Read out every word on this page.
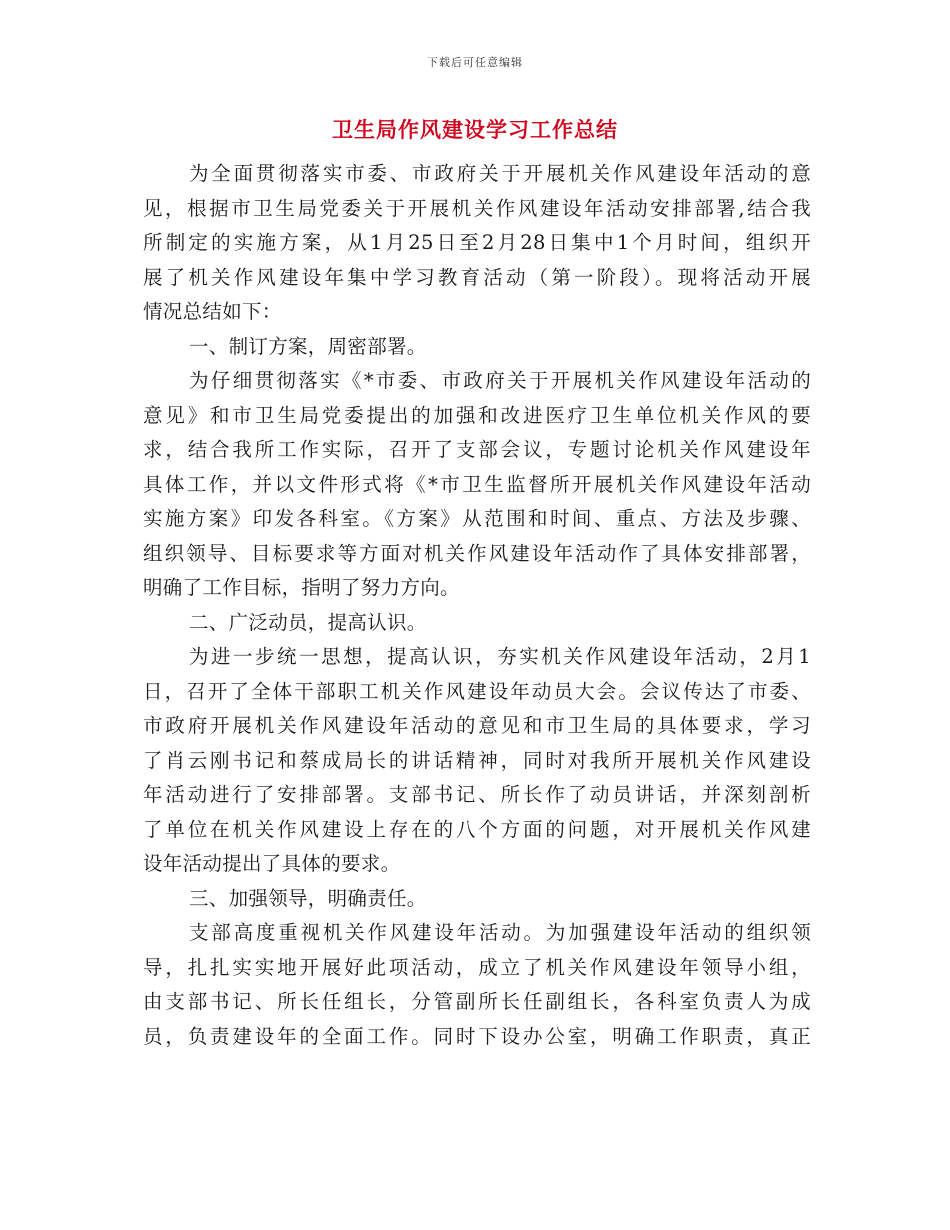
下载后可任意编辑
卫生局作风建设学习工作总结
为全面贯彻落实市委、市政府关于开展机关作风建设年活动的意
见，根据市卫生局党委关于开展机关作风建设年活动安排部署,结合我
所制定的实施方案，从1月25日至2月28日集中1个月时间，组织开
展了机关作风建设年集中学习教育活动（第一阶段）。现将活动开展
情况总结如下：
一、制订方案，周密部署。
为仔细贯彻落实《*市委、市政府关于开展机关作风建设年活动的
意见》和市卫生局党委提出的加强和改进医疗卫生单位机关作风的要
求，结合我所工作实际，召开了支部会议，专题讨论机关作风建设年
具体工作，并以文件形式将《*市卫生监督所开展机关作风建设年活动
实施方案》印发各科室。《方案》从范围和时间、重点、方法及步骤、
组织领导、目标要求等方面对机关作风建设年活动作了具体安排部署，
明确了工作目标，指明了努力方向。
二、广泛动员，提高认识。
为进一步统一思想，提高认识，夯实机关作风建设年活动，2月1
日，召开了全体干部职工机关作风建设年动员大会。会议传达了市委、
市政府开展机关作风建设年活动的意见和市卫生局的具体要求，学习
了肖云刚书记和蔡成局长的讲话精神，同时对我所开展机关作风建设
年活动进行了安排部署。支部书记、所长作了动员讲话，并深刻剖析
了单位在机关作风建设上存在的八个方面的问题，对开展机关作风建
设年活动提出了具体的要求。
三、加强领导，明确责任。
支部高度重视机关作风建设年活动。为加强建设年活动的组织领
导，扎扎实实地开展好此项活动，成立了机关作风建设年领导小组，
由支部书记、所长任组长，分管副所长任副组长，各科室负责人为成
员，负责建设年的全面工作。同时下设办公室，明确工作职责，真正
